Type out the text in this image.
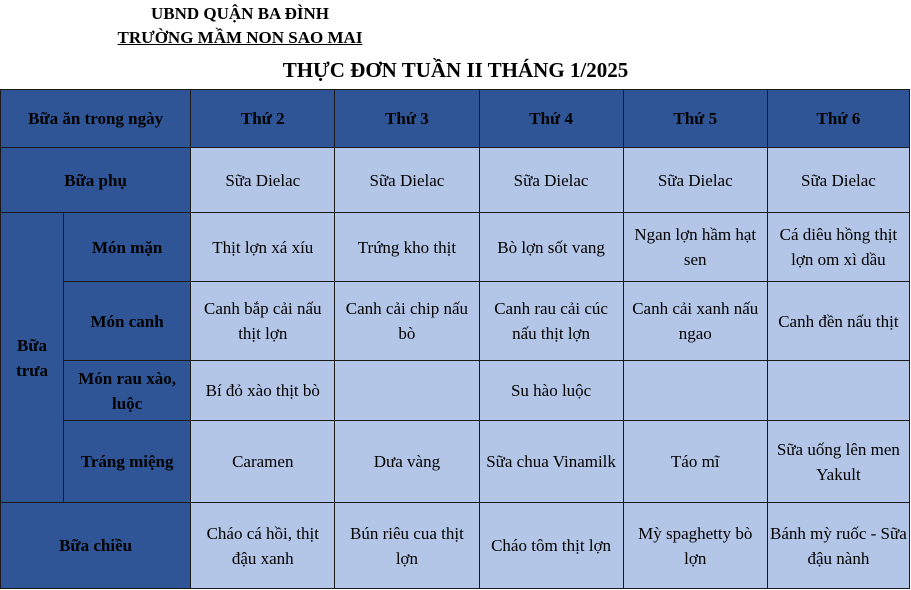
UBND QUẬN BA ĐÌNH
TRƯỜNG MẦM NON SAO MAI
THỰC ĐƠN TUẦN II THÁNG 1/2025
Bữa ăn trong ngày		Thứ 2	Thứ 3	Thứ 4	Thứ 5	Thứ 6
Bữa phụ		Sữa Dielac	Sữa Dielac	Sữa Dielac	Sữa Dielac	Sữa Dielac
Bữa trưa	Món mặn	Thịt lợn xá xíu	Trứng kho thịt	Bò lợn sốt vang	Ngan lợn hầm hạt sen	Cá diêu hồng thịt lợn om xì dầu
	Món canh	Canh bắp cải nấu thịt lợn	Canh cải chip nấu bò	Canh rau cải cúc nấu thịt lợn	Canh cải xanh nấu ngao	Canh đền nấu thịt
	Món rau xào, luộc	Bí đỏ xào thịt bò		Su hào luộc		
	Tráng miệng	Caramen	Dưa vàng	Sữa chua Vinamilk	Táo mĩ	Sữa uống lên men Yakult
Bữa chiều		Cháo cá hồi, thịt đậu xanh	Bún riêu cua thịt lợn	Cháo tôm thịt lợn	Mỳ spaghetty bò lợn	Bánh mỳ ruốc - Sữa đậu nành
